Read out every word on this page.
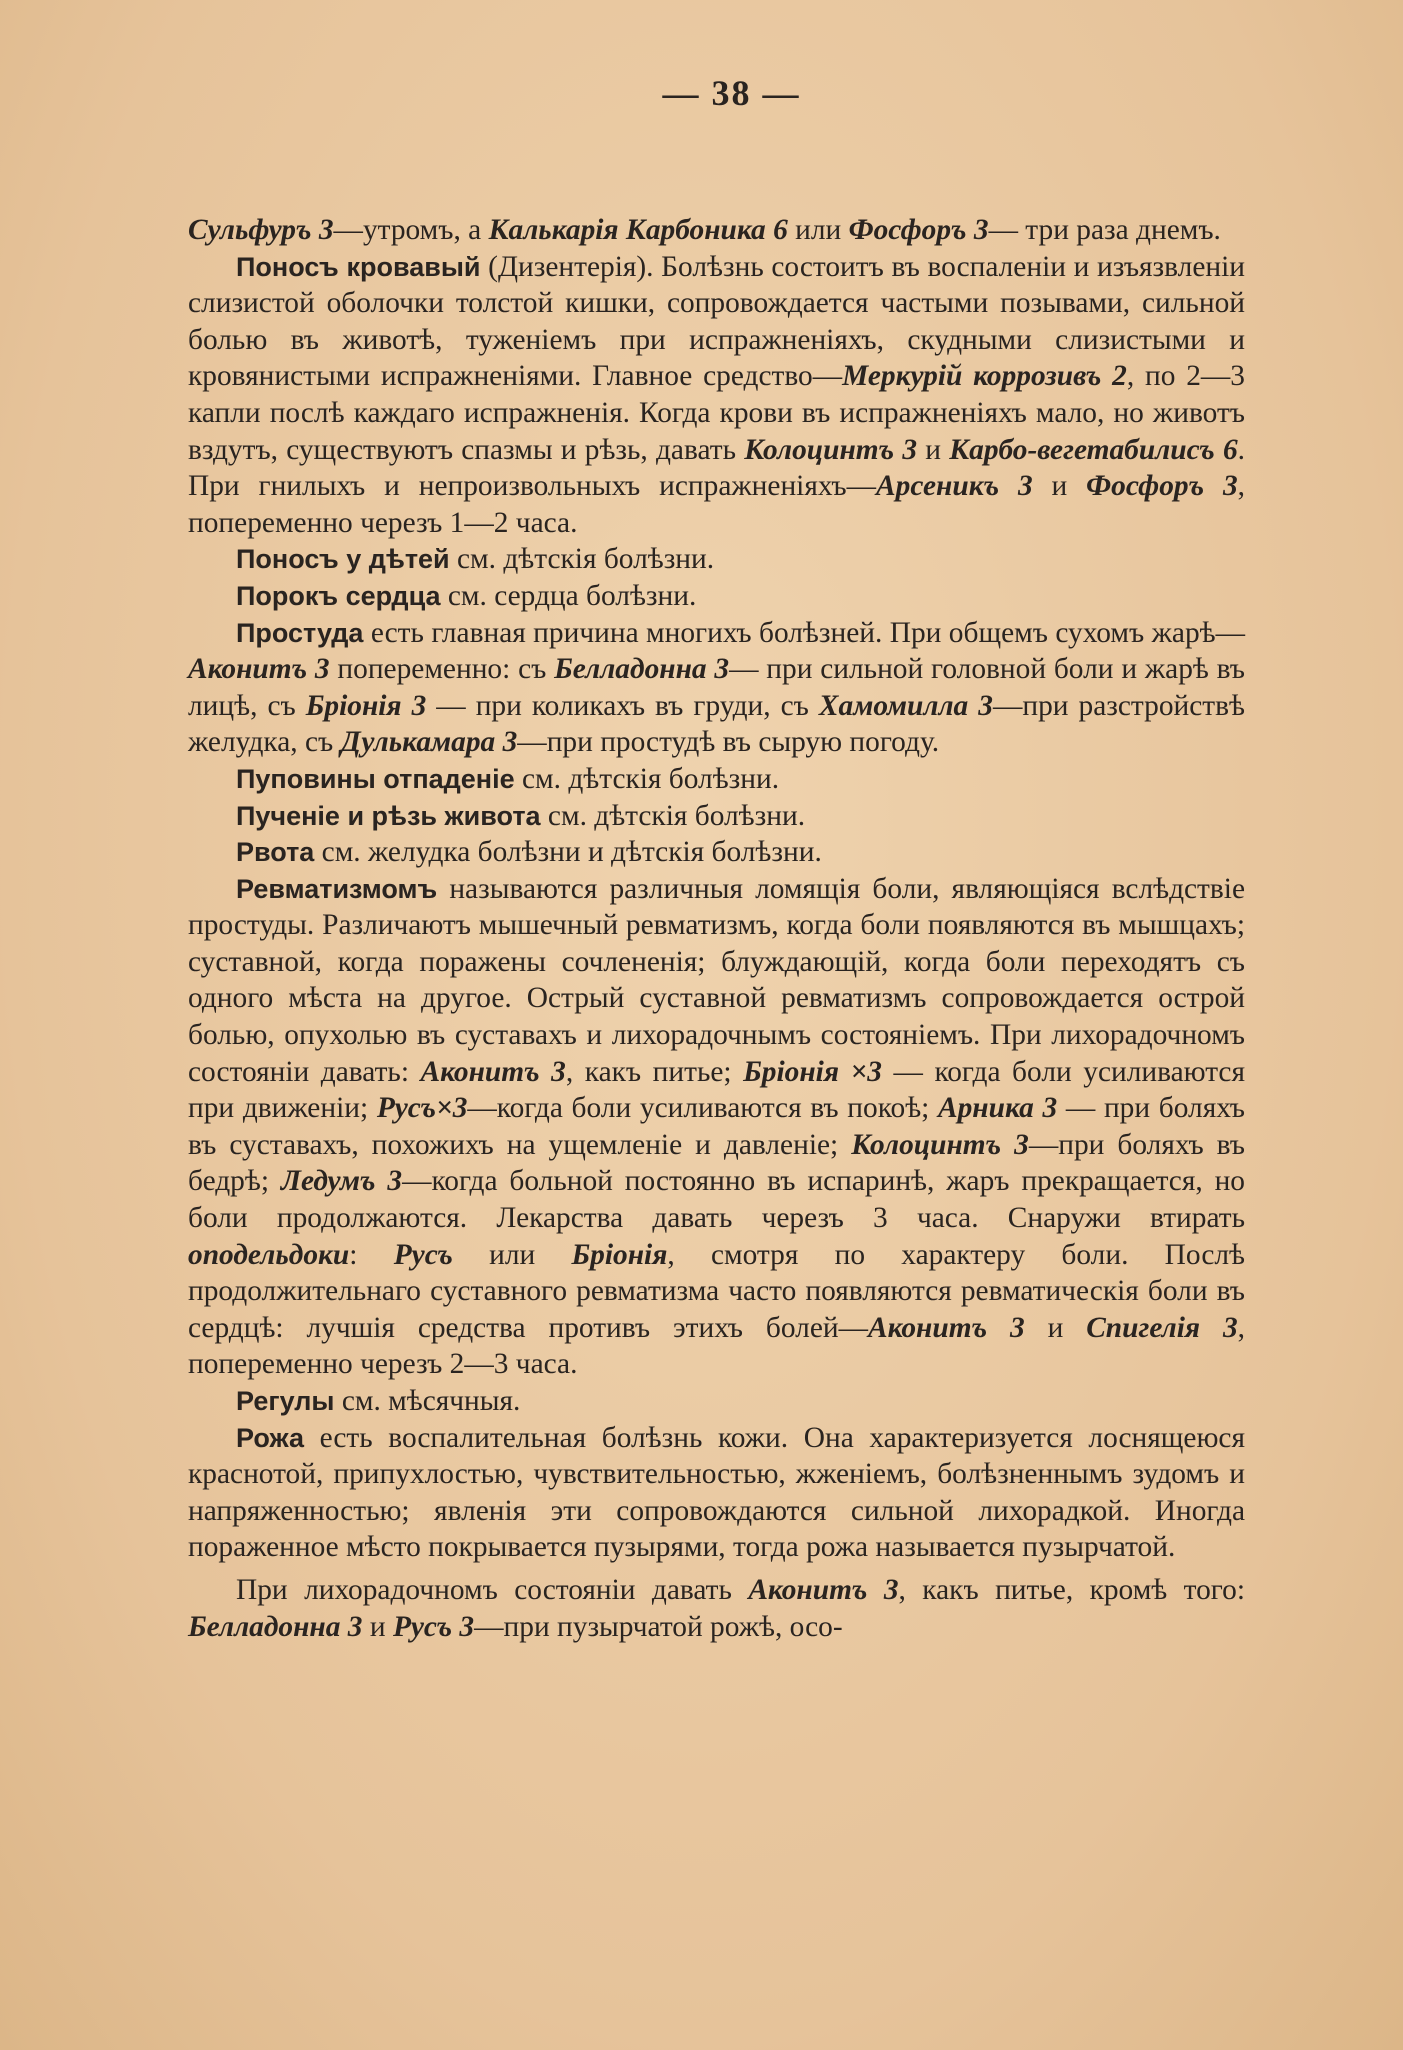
— 38 —

Сульфуръ 3—утромъ, а Калькарія Карбоника 6 или Фосфоръ 3— три раза днемъ.

Поносъ кровавый (Дизентерія). Болѣзнь состоитъ въ воспаленіи и изъязвленіи слизистой оболочки толстой кишки, сопровождается частыми позывами, сильной болью въ животѣ, туженіемъ при испражненіяхъ, скудными слизистыми и кровянистыми испражненіями. Главное средство—Меркурій коррозивъ 2, по 2—3 капли послѣ каждаго испражненія. Когда крови въ испражненіяхъ мало, но животъ вздутъ, существуютъ спазмы и рѣзь, давать Колоцинтъ 3 и Карбо-вегетабилисъ 6. При гнилыхъ и непроизвольныхъ испражненіяхъ—Арсеникъ 3 и Фосфоръ 3, попеременно черезъ 1—2 часа.

Поносъ у дѣтей см. дѣтскія болѣзни.

Порокъ сердца см. сердца болѣзни.

Простуда есть главная причина многихъ болѣзней. При общемъ сухомъ жарѣ—Аконитъ 3 попеременно: съ Белладонна 3— при сильной головной боли и жарѣ въ лицѣ, съ Бріонія 3 — при коликахъ въ груди, съ Хамомилла 3—при разстройствѣ желудка, съ Дулькамара 3—при простудѣ въ сырую погоду.

Пуповины отпаденіе см. дѣтскія болѣзни.

Пученіе и рѣзь живота см. дѣтскія болѣзни.

Рвота см. желудка болѣзни и дѣтскія болѣзни.

Ревматизмомъ называются различныя ломящія боли, являющіяся вслѣдствіе простуды. Различаютъ мышечный ревматизмъ, когда боли появляются въ мышцахъ; суставной, когда поражены сочлененія; блуждающій, когда боли переходятъ съ одного мѣста на другое. Острый суставной ревматизмъ сопровождается острой болью, опухолью въ суставахъ и лихорадочнымъ состояніемъ. При лихорадочномъ состояніи давать: Аконитъ 3, какъ питье; Бріонія ×3 — когда боли усиливаются при движеніи; Русъ×3—когда боли усиливаются въ покоѣ; Арника 3 — при боляхъ въ суставахъ, похожихъ на ущемленіе и давленіе; Колоцинтъ 3—при боляхъ въ бедрѣ; Ледумъ 3—когда больной постоянно въ испаринѣ, жаръ прекращается, но боли продолжаются. Лекарства давать черезъ 3 часа. Снаружи втирать оподельдоки: Русъ или Бріонія, смотря по характеру боли. Послѣ продолжительнаго суставного ревматизма часто появляются ревматическія боли въ сердцѣ: лучшія средства противъ этихъ болей—Аконитъ 3 и Спигелія 3, попеременно черезъ 2—3 часа.

Регулы см. мѣсячныя.

Рожа есть воспалительная болѣзнь кожи. Она характеризуется лоснящеюся краснотой, припухлостью, чувствительностью, жженіемъ, болѣзненнымъ зудомъ и напряженностью; явленія эти сопровождаются сильной лихорадкой. Иногда пораженное мѣсто покрывается пузырями, тогда рожа называется пузырчатой.

При лихорадочномъ состояніи давать Аконитъ 3, какъ питье, кромѣ того: Белладонна 3 и Русъ 3—при пузырчатой рожѣ, осо-
